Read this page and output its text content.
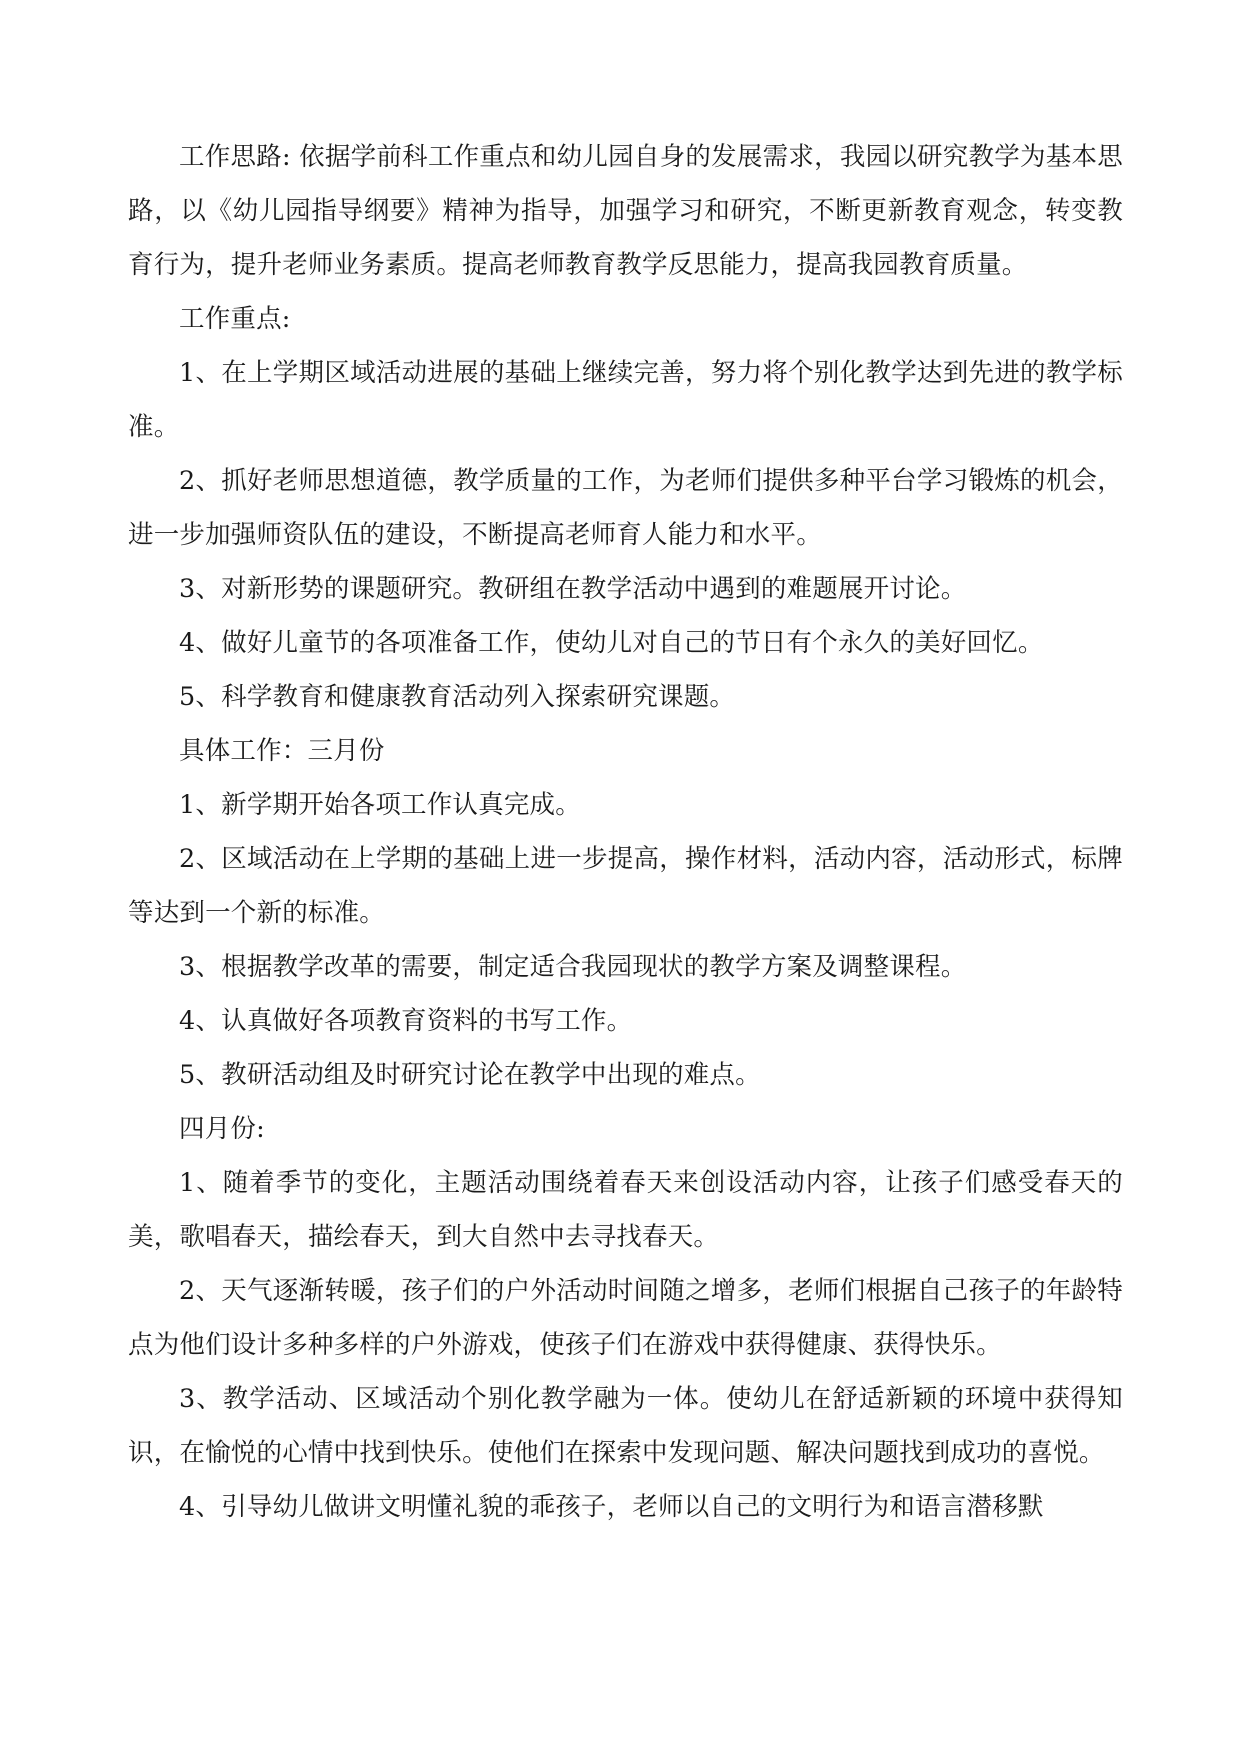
工作思路: 依据学前科工作重点和幼儿园自身的发展需求，我园以研究教学为基本思路，以《幼儿园指导纲要》精神为指导，加强学习和研究，不断更新教育观念，转变教育行为，提升老师业务素质。提高老师教育教学反思能力，提高我园教育质量。

工作重点:

1、在上学期区域活动进展的基础上继续完善，努力将个别化教学达到先进的教学标准。

2、抓好老师思想道德，教学质量的工作，为老师们提供多种平台学习锻炼的机会，进一步加强师资队伍的建设，不断提高老师育人能力和水平。

3、对新形势的课题研究。教研组在教学活动中遇到的难题展开讨论。

4、做好儿童节的各项准备工作，使幼儿对自己的节日有个永久的美好回忆。

5、科学教育和健康教育活动列入探索研究课题。

具体工作：三月份

1、新学期开始各项工作认真完成。

2、区域活动在上学期的基础上进一步提高，操作材料，活动内容，活动形式，标牌等达到一个新的标准。

3、根据教学改革的需要，制定适合我园现状的教学方案及调整课程。

4、认真做好各项教育资料的书写工作。

5、教研活动组及时研究讨论在教学中出现的难点。

四月份:

1、随着季节的变化，主题活动围绕着春天来创设活动内容，让孩子们感受春天的美，歌唱春天，描绘春天，到大自然中去寻找春天。

2、天气逐渐转暖，孩子们的户外活动时间随之增多，老师们根据自己孩子的年龄特点为他们设计多种多样的户外游戏，使孩子们在游戏中获得健康、获得快乐。

3、教学活动、区域活动个别化教学融为一体。使幼儿在舒适新颖的环境中获得知识，在愉悦的心情中找到快乐。使他们在探索中发现问题、解决问题找到成功的喜悦。

4、引导幼儿做讲文明懂礼貌的乖孩子，老师以自己的文明行为和语言潜移默
